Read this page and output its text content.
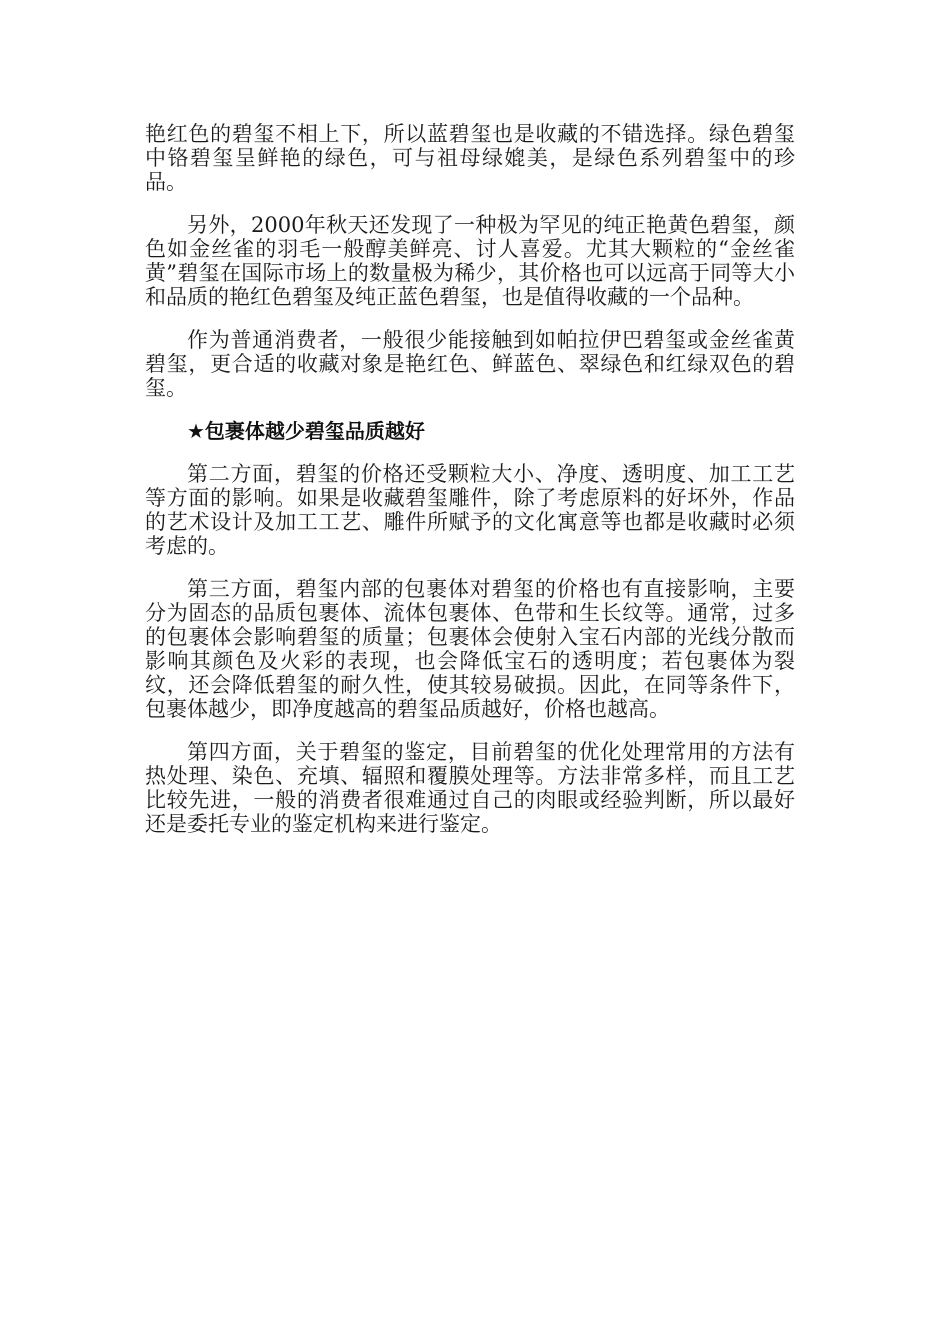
艳红色的碧玺不相上下，所以蓝碧玺也是收藏的不错选择。绿色碧玺中铬碧玺呈鲜艳的绿色，可与祖母绿媲美，是绿色系列碧玺中的珍品。

另外，2000年秋天还发现了一种极为罕见的纯正艳黄色碧玺，颜色如金丝雀的羽毛一般醇美鲜亮、讨人喜爱。尤其大颗粒的“金丝雀黄”碧玺在国际市场上的数量极为稀少，其价格也可以远高于同等大小和品质的艳红色碧玺及纯正蓝色碧玺，也是值得收藏的一个品种。

作为普通消费者，一般很少能接触到如帕拉伊巴碧玺或金丝雀黄碧玺，更合适的收藏对象是艳红色、鲜蓝色、翠绿色和红绿双色的碧玺。

★包裹体越少碧玺品质越好

第二方面，碧玺的价格还受颗粒大小、净度、透明度、加工工艺等方面的影响。如果是收藏碧玺雕件，除了考虑原料的好坏外，作品的艺术设计及加工工艺、雕件所赋予的文化寓意等也都是收藏时必须考虑的。

第三方面，碧玺内部的包裹体对碧玺的价格也有直接影响，主要分为固态的品质包裹体、流体包裹体、色带和生长纹等。通常，过多的包裹体会影响碧玺的质量；包裹体会使射入宝石内部的光线分散而影响其颜色及火彩的表现，也会降低宝石的透明度；若包裹体为裂纹，还会降低碧玺的耐久性，使其较易破损。因此，在同等条件下，包裹体越少，即净度越高的碧玺品质越好，价格也越高。

第四方面，关于碧玺的鉴定，目前碧玺的优化处理常用的方法有热处理、染色、充填、辐照和覆膜处理等。方法非常多样，而且工艺比较先进，一般的消费者很难通过自己的肉眼或经验判断，所以最好还是委托专业的鉴定机构来进行鉴定。
